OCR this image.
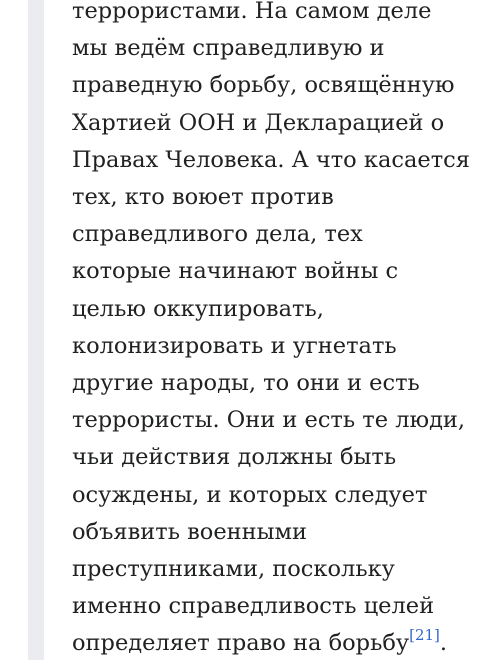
террористами. На самом деле
мы ведём справедливую и
праведную борьбу, освящённую
Хартией ООН и Декларацией о
Правах Человека. А что касается
тех, кто воюет против
справедливого дела, тех
которые начинают войны с
целью оккупировать,
колонизировать и угнетать
другие народы, то они и есть
террористы. Они и есть те люди,
чьи действия должны быть
осуждены, и которых следует
объявить военными
преступниками, поскольку
именно справедливость целей
определяет право на борьбу[21].
